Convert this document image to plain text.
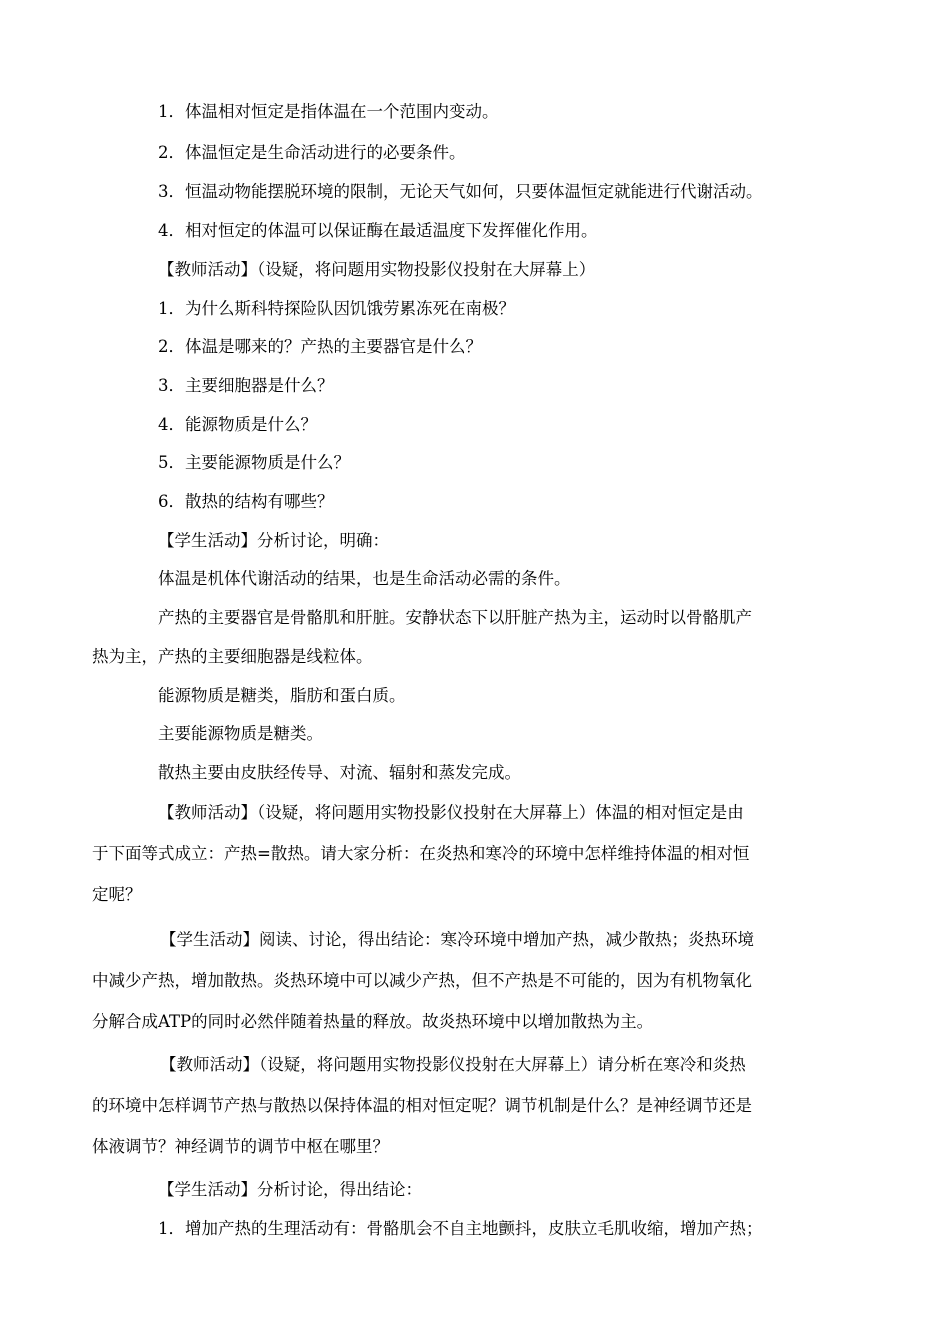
1．体温相对恒定是指体温在一个范围内变动。
2．体温恒定是生命活动进行的必要条件。
3．恒温动物能摆脱环境的限制，无论天气如何，只要体温恒定就能进行代谢活动。
4．相对恒定的体温可以保证酶在最适温度下发挥催化作用。
【教师活动】（设疑，将问题用实物投影仪投射在大屏幕上）
1．为什么斯科特探险队因饥饿劳累冻死在南极？
2．体温是哪来的？产热的主要器官是什么？
3．主要细胞器是什么？
4．能源物质是什么？
5．主要能源物质是什么？
6．散热的结构有哪些？
【学生活动】分析讨论，明确：
体温是机体代谢活动的结果，也是生命活动必需的条件。
产热的主要器官是骨骼肌和肝脏。安静状态下以肝脏产热为主，运动时以骨骼肌产
热为主，产热的主要细胞器是线粒体。
能源物质是糖类，脂肪和蛋白质。
主要能源物质是糖类。
散热主要由皮肤经传导、对流、辐射和蒸发完成。
【教师活动】（设疑，将问题用实物投影仪投射在大屏幕上）体温的相对恒定是由
于下面等式成立：产热=散热。请大家分析：在炎热和寒冷的环境中怎样维持体温的相对恒
定呢？
【学生活动】阅读、讨论，得出结论：寒冷环境中增加产热，减少散热；炎热环境
中减少产热，增加散热。炎热环境中可以减少产热，但不产热是不可能的，因为有机物氧化
分解合成ATP的同时必然伴随着热量的释放。故炎热环境中以增加散热为主。
【教师活动】（设疑，将问题用实物投影仪投射在大屏幕上）请分析在寒冷和炎热
的环境中怎样调节产热与散热以保持体温的相对恒定呢？调节机制是什么？是神经调节还是
体液调节？神经调节的调节中枢在哪里？
【学生活动】分析讨论，得出结论：
1．增加产热的生理活动有：骨骼肌会不自主地颤抖，皮肤立毛肌收缩，增加产热；
